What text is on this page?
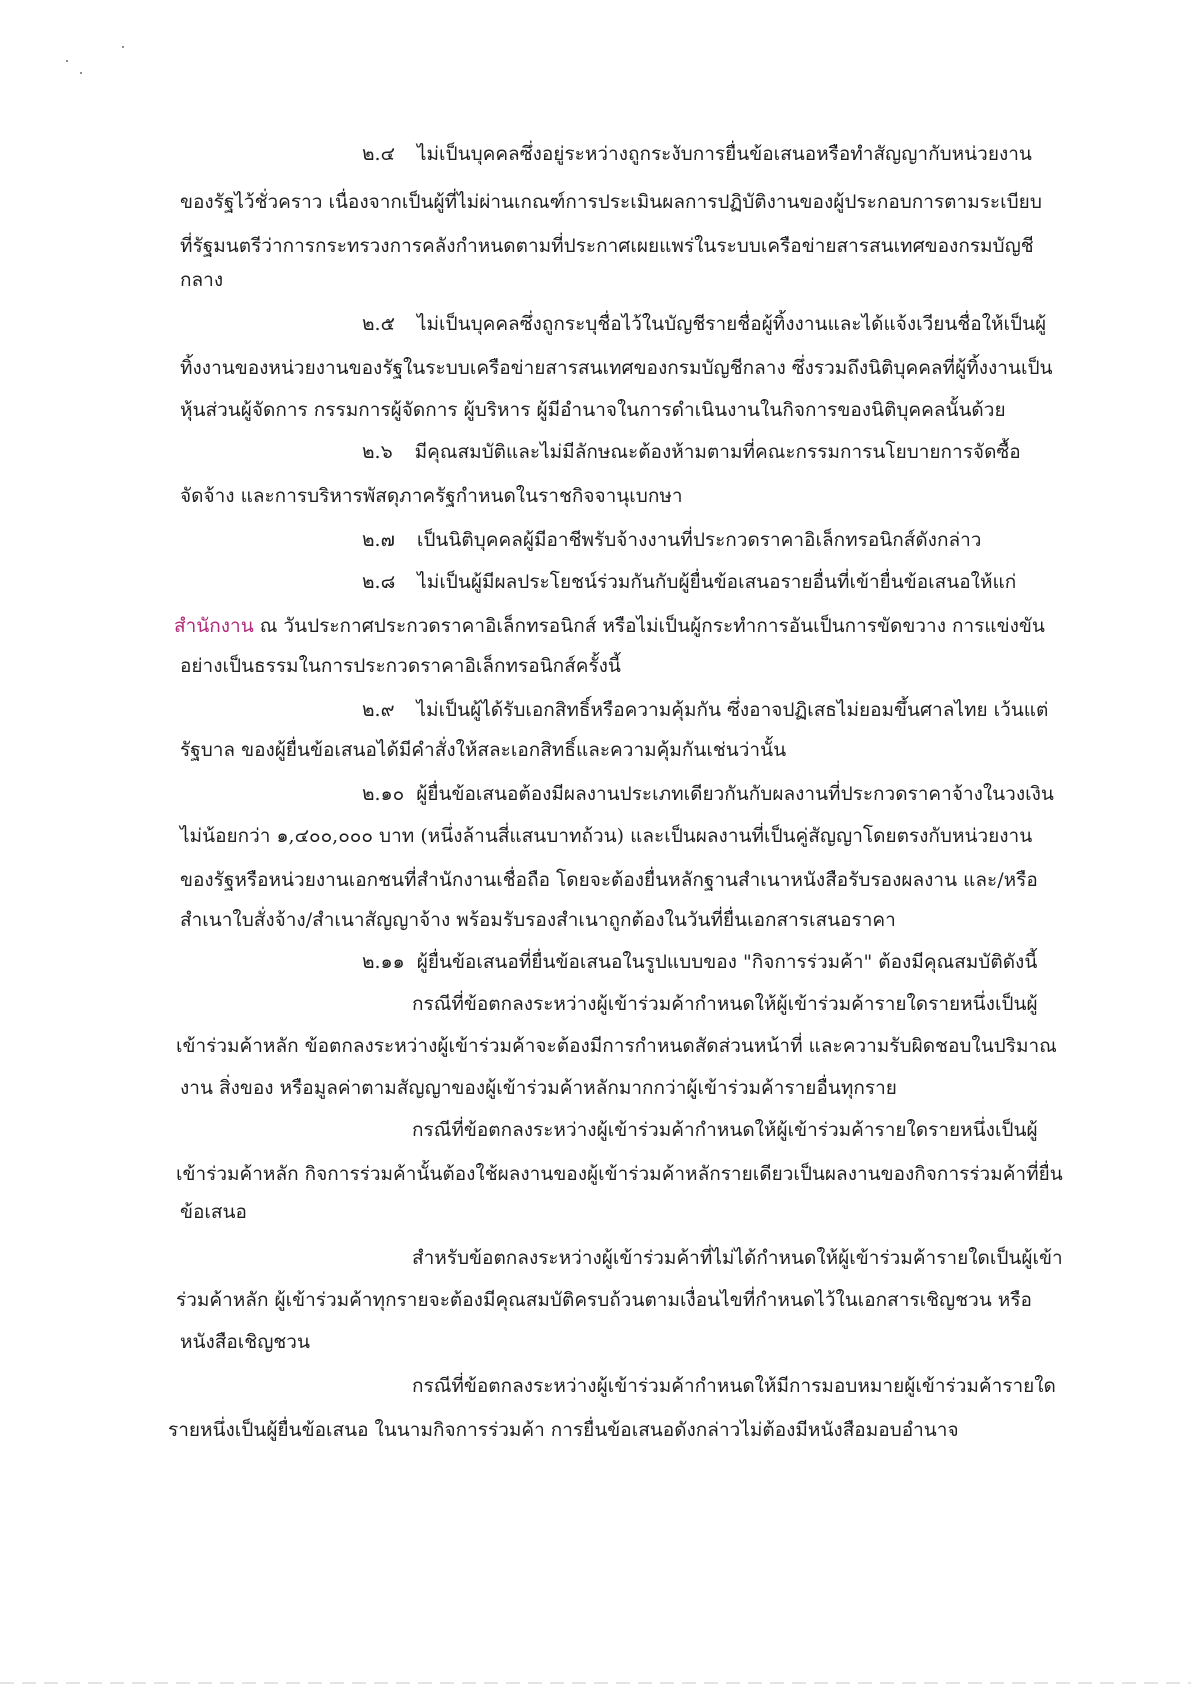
๒.๔ ไม่เป็นบุคคลซึ่งอยู่ระหว่างถูกระงับการยื่นข้อเสนอหรือทำสัญญากับหน่วยงาน
ของรัฐไว้ชั่วคราว เนื่องจากเป็นผู้ที่ไม่ผ่านเกณฑ์การประเมินผลการปฏิบัติงานของผู้ประกอบการตามระเบียบ
ที่รัฐมนตรีว่าการกระทรวงการคลังกำหนดตามที่ประกาศเผยแพร่ในระบบเครือข่ายสารสนเทศของกรมบัญชี
กลาง
๒.๕ ไม่เป็นบุคคลซึ่งถูกระบุชื่อไว้ในบัญชีรายชื่อผู้ทิ้งงานและได้แจ้งเวียนชื่อให้เป็นผู้
ทิ้งงานของหน่วยงานของรัฐในระบบเครือข่ายสารสนเทศของกรมบัญชีกลาง ซึ่งรวมถึงนิติบุคคลที่ผู้ทิ้งงานเป็น
หุ้นส่วนผู้จัดการ กรรมการผู้จัดการ ผู้บริหาร ผู้มีอำนาจในการดำเนินงานในกิจการของนิติบุคคลนั้นด้วย
๒.๖ มีคุณสมบัติและไม่มีลักษณะต้องห้ามตามที่คณะกรรมการนโยบายการจัดซื้อ
จัดจ้าง และการบริหารพัสดุภาครัฐกำหนดในราชกิจจานุเบกษา
๒.๗ เป็นนิติบุคคลผู้มีอาชีพรับจ้างงานที่ประกวดราคาอิเล็กทรอนิกส์ดังกล่าว
๒.๘ ไม่เป็นผู้มีผลประโยชน์ร่วมกันกับผู้ยื่นข้อเสนอรายอื่นที่เข้ายื่นข้อเสนอให้แก่
สำนักงาน ณ วันประกาศประกวดราคาอิเล็กทรอนิกส์ หรือไม่เป็นผู้กระทำการอันเป็นการขัดขวาง การแข่งขัน
อย่างเป็นธรรมในการประกวดราคาอิเล็กทรอนิกส์ครั้งนี้
๒.๙ ไม่เป็นผู้ได้รับเอกสิทธิ์หรือความคุ้มกัน ซึ่งอาจปฏิเสธไม่ยอมขึ้นศาลไทย เว้นแต่
รัฐบาล ของผู้ยื่นข้อเสนอได้มีคำสั่งให้สละเอกสิทธิ์และความคุ้มกันเช่นว่านั้น
๒.๑๐ ผู้ยื่นข้อเสนอต้องมีผลงานประเภทเดียวกันกับผลงานที่ประกวดราคาจ้างในวงเงิน
ไม่น้อยกว่า ๑,๔๐๐,๐๐๐ บาท (หนึ่งล้านสี่แสนบาทถ้วน) และเป็นผลงานที่เป็นคู่สัญญาโดยตรงกับหน่วยงาน
ของรัฐหรือหน่วยงานเอกชนที่สำนักงานเชื่อถือ โดยจะต้องยื่นหลักฐานสำเนาหนังสือรับรองผลงาน และ/หรือ
สำเนาใบสั่งจ้าง/สำเนาสัญญาจ้าง พร้อมรับรองสำเนาถูกต้องในวันที่ยื่นเอกสารเสนอราคา
๒.๑๑ ผู้ยื่นข้อเสนอที่ยื่นข้อเสนอในรูปแบบของ "กิจการร่วมค้า" ต้องมีคุณสมบัติดังนี้
กรณีที่ข้อตกลงระหว่างผู้เข้าร่วมค้ากำหนดให้ผู้เข้าร่วมค้ารายใดรายหนึ่งเป็นผู้
เข้าร่วมค้าหลัก ข้อตกลงระหว่างผู้เข้าร่วมค้าจะต้องมีการกำหนดสัดส่วนหน้าที่ และความรับผิดชอบในปริมาณ
งาน สิ่งของ หรือมูลค่าตามสัญญาของผู้เข้าร่วมค้าหลักมากกว่าผู้เข้าร่วมค้ารายอื่นทุกราย
กรณีที่ข้อตกลงระหว่างผู้เข้าร่วมค้ากำหนดให้ผู้เข้าร่วมค้ารายใดรายหนึ่งเป็นผู้
เข้าร่วมค้าหลัก กิจการร่วมค้านั้นต้องใช้ผลงานของผู้เข้าร่วมค้าหลักรายเดียวเป็นผลงานของกิจการร่วมค้าที่ยื่น
ข้อเสนอ
สำหรับข้อตกลงระหว่างผู้เข้าร่วมค้าที่ไม่ได้กำหนดให้ผู้เข้าร่วมค้ารายใดเป็นผู้เข้า
ร่วมค้าหลัก ผู้เข้าร่วมค้าทุกรายจะต้องมีคุณสมบัติครบถ้วนตามเงื่อนไขที่กำหนดไว้ในเอกสารเชิญชวน หรือ
หนังสือเชิญชวน
กรณีที่ข้อตกลงระหว่างผู้เข้าร่วมค้ากำหนดให้มีการมอบหมายผู้เข้าร่วมค้ารายใด
รายหนึ่งเป็นผู้ยื่นข้อเสนอ ในนามกิจการร่วมค้า การยื่นข้อเสนอดังกล่าวไม่ต้องมีหนังสือมอบอำนาจ
